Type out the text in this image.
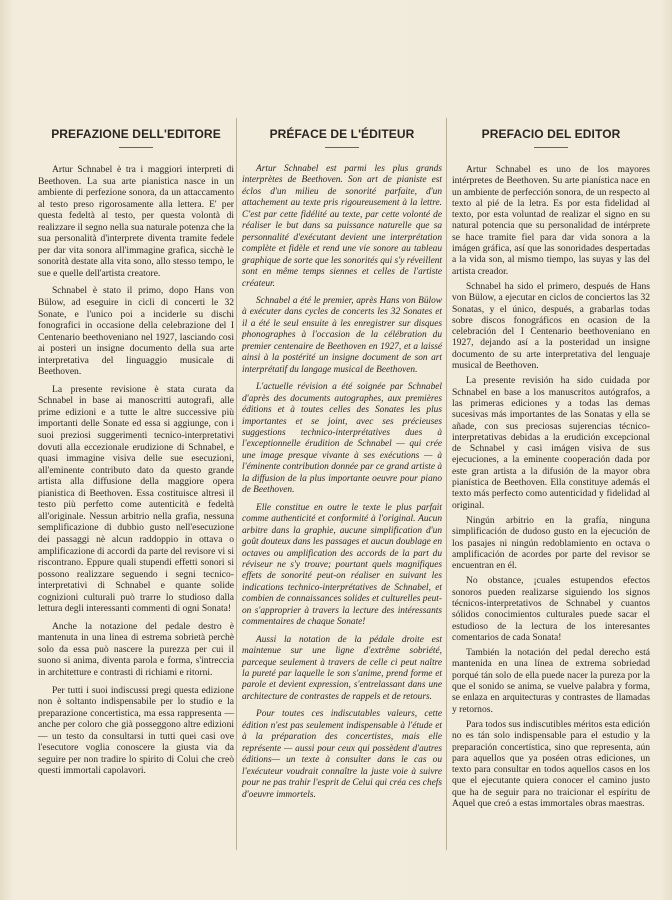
PREFAZIONE DELL'EDITORE

Artur Schnabel è tra i maggiori interpreti di Beethoven. La sua arte pianistica nasce in un ambiente di perfezione sonora, da un attaccamento al testo preso rigorosamente alla lettera. E' per questa fedeltà al testo, per questa volontà di realizzare il segno nella sua naturale potenza che la sua personalità d'interprete diventa tramite fedele per dar vita sonora all'immagine grafica, sicchè le sonorità destate alla vita sono, allo stesso tempo, le sue e quelle dell'artista creatore.

Schnabel è stato il primo, dopo Hans von Bülow, ad eseguire in cicli di concerti le 32 Sonate, e l'unico poi a inciderle su dischi fonografici in occasione della celebrazione del I Centenario beethoveniano nel 1927, lasciando così ai posteri un insigne documento della sua arte interpretativa del linguaggio musicale di Beethoven.

La presente revisione è stata curata da Schnabel in base ai manoscritti autografi, alle prime edizioni e a tutte le altre successive più importanti delle Sonate ed essa si aggiunge, con i suoi preziosi suggerimenti tecnico-interpretativi dovuti alla eccezionale erudizione di Schnabel, e quasi immagine visiva delle sue esecuzioni, all'eminente contributo dato da questo grande artista alla diffusione della maggiore opera pianistica di Beethoven. Essa costituisce altresì il testo più perfetto come autenticità e fedeltà all'originale. Nessun arbitrio nella grafia, nessuna semplificazione di dubbio gusto nell'esecuzione dei passaggi nè alcun raddoppio in ottava o amplificazione di accordi da parte del revisore vi si riscontrano. Eppure quali stupendi effetti sonori si possono realizzare seguendo i segni tecnico-interpretativi di Schnabel e quante solide cognizioni culturali può trarre lo studioso dalla lettura degli interessanti commenti di ogni Sonata!

Anche la notazione del pedale destro è mantenuta in una linea di estrema sobrietà perchè solo da essa può nascere la purezza per cui il suono si anima, diventa parola e forma, s'intreccia in architetture e contrasti di richiami e ritorni.

Per tutti i suoi indiscussi pregi questa edizione non è soltanto indispensabile per lo studio e la preparazione concertistica, ma essa rappresenta — anche per coloro che già posseggono altre edizioni — un testo da consultarsi in tutti quei casi ove l'esecutore voglia conoscere la giusta via da seguire per non tradire lo spirito di Colui che creò questi immortali capolavori.

PRÉFACE DE L'ÉDITEUR

Artur Schnabel est parmi les plus grands interprètes de Beethoven. Son art de pianiste est éclos d'un milieu de sonorité parfaite, d'un attachement au texte pris rigoureusement à la lettre. C'est par cette fidélité au texte, par cette volonté de réaliser le but dans sa puissance naturelle que sa personnalité d'exécutant devient une interprétation complète et fidèle et rend une vie sonore au tableau graphique de sorte que les sonorités qui s'y réveillent sont en même temps siennes et celles de l'artiste créateur.

Schnabel a été le premier, après Hans von Bülow à exécuter dans cycles de concerts les 32 Sonates et il a été le seul ensuite à les enregistrer sur disques phonographes à l'occasion de la célébration du premier centenaire de Beethoven en 1927, et a laissé ainsi à la postérité un insigne document de son art interprétatif du langage musical de Beethoven.

L'actuelle révision a été soignée par Schnabel d'après des documents autographes, aux premières éditions et à toutes celles des Sonates les plus importantes et se joint, avec ses précieuses suggestions technico-interprétatives dues à l'exceptionnelle érudition de Schnabel — qui crée une image presque vivante à ses exécutions — à l'éminente contribution donnée par ce grand artiste à la diffusion de la plus importante oeuvre pour piano de Beethoven.

Elle constitue en outre le texte le plus parfait comme authenticité et conformité à l'original. Aucun arbitre dans la graphie, aucune simplification d'un goût douteux dans les passages et aucun doublage en octaves ou amplification des accords de la part du réviseur ne s'y trouve; pourtant quels magnifiques effets de sonorité peut-on réaliser en suivant les indications technico-interprétatives de Schnabel, et combien de connaissances solides et culturelles peut-on s'approprier à travers la lecture des intéressants commentaires de chaque Sonate!

Aussi la notation de la pédale droite est maintenue sur une ligne d'extrême sobriété, parceque seulement à travers de celle ci peut naître la pureté par laquelle le son s'anime, prend forme et parole et devient expression, s'entrelassant dans une architecture de contrastes de rappels et de retours.

Pour toutes ces indiscutables valeurs, cette édition n'est pas seulement indispensable à l'étude et à la préparation des concertistes, mais elle représente — aussi pour ceux qui possèdent d'autres éditions— un texte à consulter dans le cas ou l'exécuteur voudrait connaître la juste voie à suivre pour ne pas trahir l'esprit de Celui qui créa ces chefs d'oeuvre immortels.

PREFACIO DEL EDITOR

Artur Schnabel es uno de los mayores intérpretes de Beethoven. Su arte pianística nace en un ambiente de perfección sonora, de un respecto al texto al pié de la letra. Es por esta fidelidad al texto, por esta voluntad de realizar el signo en su natural potencia que su personalidad de intérprete se hace tramite fiel para dar vida sonora a la imágen gráfica, así que las sonoridades despertadas a la vida son, al mismo tiempo, las suyas y las del artista creador.

Schnabel ha sido el primero, después de Hans von Bülow, a ejecutar en ciclos de conciertos las 32 Sonatas, y el único, después, a grabarlas todas sobre discos fonográficos en ocasion de la celebración del I Centenario beethoveniano en 1927, dejando así a la posteridad un insigne documento de su arte interpretativa del lenguaje musical de Beethoven.

La presente revisión ha sido cuidada por Schnabel en base a los manuscritos autógrafos, a las primeras ediciones y a todas las demas sucesivas más importantes de las Sonatas y ella se añade, con sus preciosas sujerencias técnico-interpretativas debidas a la erudición excepcional de Schnabel y casi imágen visiva de sus ejecuciones, a la eminente cooperación dada por este gran artista a la difusión de la mayor obra pianística de Beethoven. Ella constituye además el texto más perfecto como autenticidad y fidelidad al original.

Ningún arbitrio en la grafía, ninguna simplificación de dudoso gusto en la ejecución de los pasajes ni ningún redoblamiento en octava o amplificación de acordes por parte del revisor se encuentran en él.

No obstance, ¡cuales estupendos efectos sonoros pueden realizarse siguiendo los signos técnicos-interpretativos de Schnabel y cuantos sólidos conocimientos culturales puede sacar el estudioso de la lectura de los interesantes comentarios de cada Sonata!

También la notación del pedal derecho está mantenida en una línea de extrema sobriedad porqué tán solo de ella puede nacer la pureza por la que el sonido se anima, se vuelve palabra y forma, se enlaza en arquitecturas y contrastes de llamadas y retornos.

Para todos sus indiscutibles méritos esta edición no es tán solo indispensable para el estudio y la preparación concertística, sino que representa, aún para aquellos que ya poséen otras ediciones, un texto para consultar en todos aquellos casos en los que el ejecutante quiera conocer el camino justo que ha de seguir para no traicionar el espíritu de Aquel que creó a estas immortales obras maestras.
